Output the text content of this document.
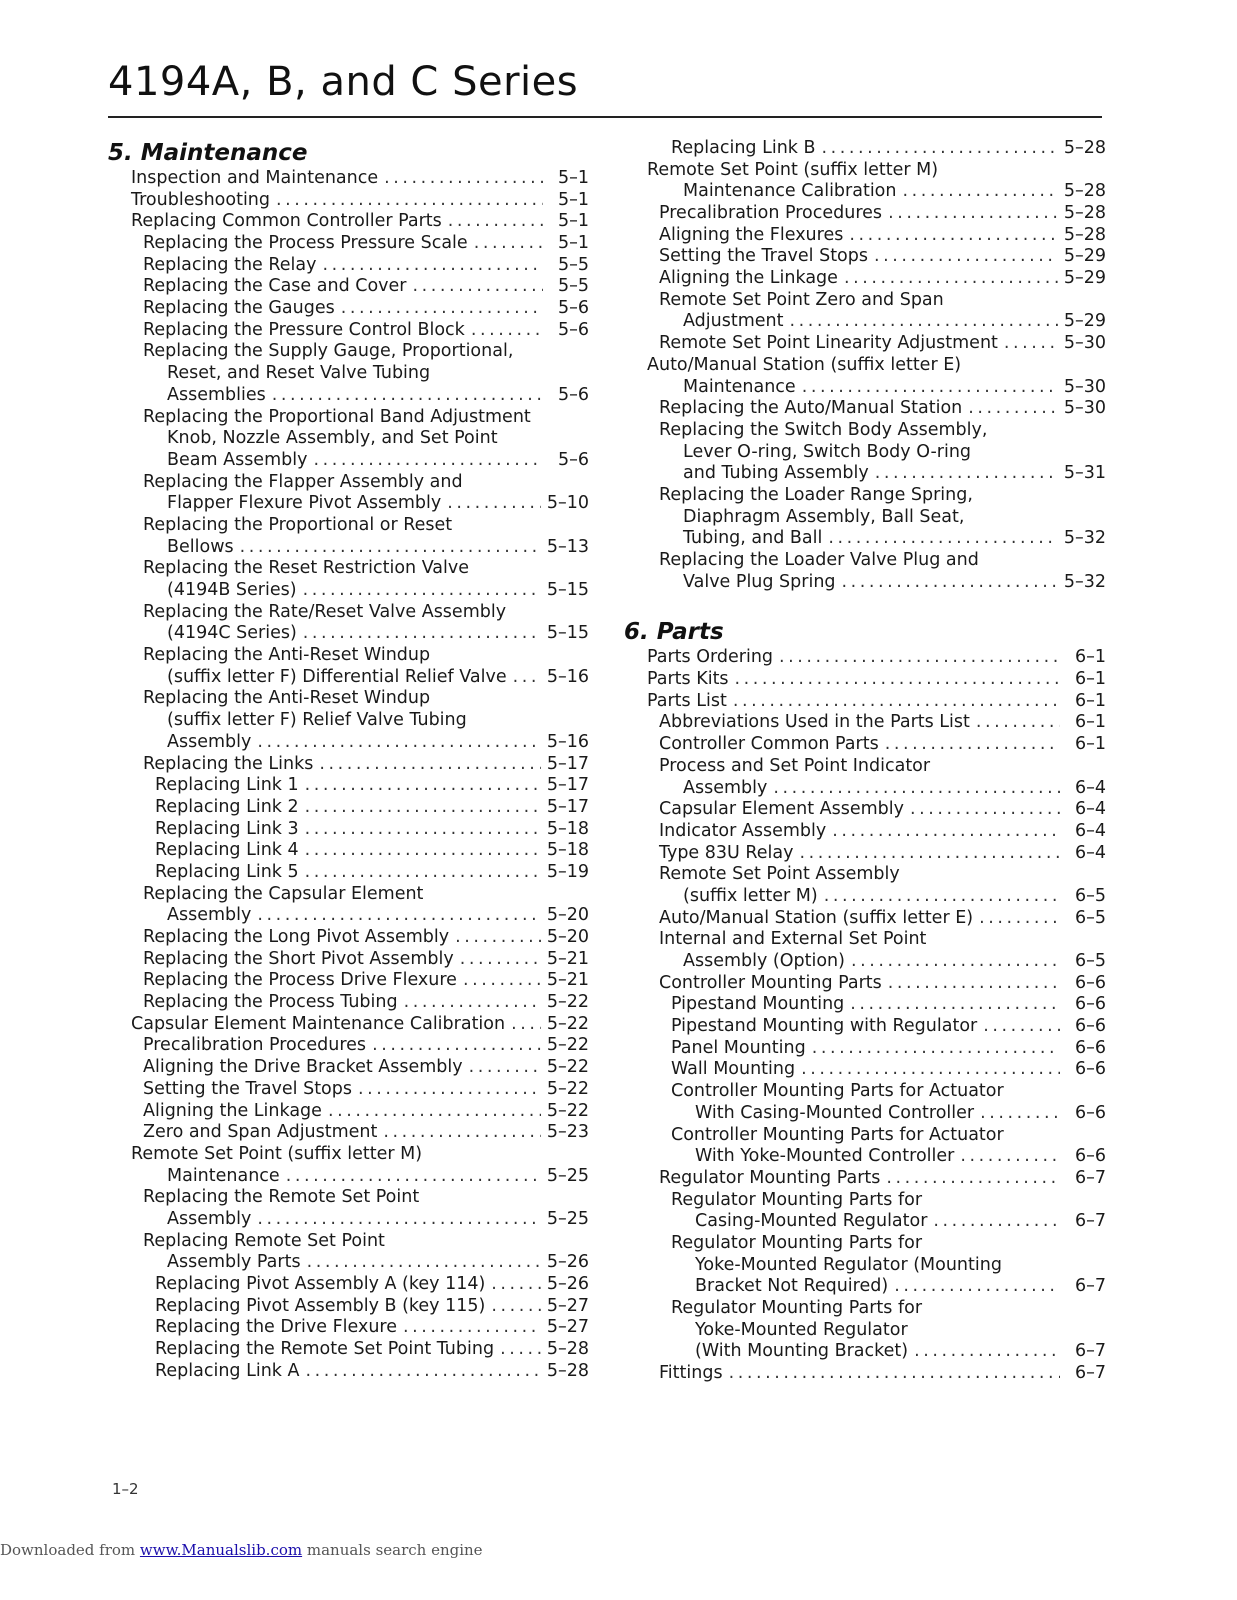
4194A, B, and C Series
5. Maintenance
Inspection and Maintenance . . .	5–1
Troubleshooting . . .	5–1
Replacing Common Controller Parts . . .	5–1
Replacing the Process Pressure Scale . . .	5–1
Replacing the Relay . . .	5–5
Replacing the Case and Cover . . .	5–5
Replacing the Gauges . . .	5–6
Replacing the Pressure Control Block . . .	5–6
Replacing the Supply Gauge, Proportional,
Reset, and Reset Valve Tubing
Assemblies . . .	5–6
Replacing the Proportional Band Adjustment
Knob, Nozzle Assembly, and Set Point
Beam Assembly . . .	5–6
Replacing the Flapper Assembly and
Flapper Flexure Pivot Assembly . . .	5–10
Replacing the Proportional or Reset
Bellows . . .	5–13
Replacing the Reset Restriction Valve
(4194B Series) . . .	5–15
Replacing the Rate/Reset Valve Assembly
(4194C Series) . . .	5–15
Replacing the Anti-Reset Windup
(suffix letter F) Differential Relief Valve . . . 5–16
Replacing the Anti-Reset Windup
(suffix letter F) Relief Valve Tubing
Assembly . . .	5–16
Replacing the Links . . .	5–17
Replacing Link 1 . . .	5–17
Replacing Link 2 . . .	5–17
Replacing Link 3 . . .	5–18
Replacing Link 4 . . .	5–18
Replacing Link 5 . . .	5–19
Replacing the Capsular Element
Assembly . . .	5–20
Replacing the Long Pivot Assembly . . .	5–20
Replacing the Short Pivot Assembly . . .	5–21
Replacing the Process Drive Flexure . . .	5–21
Replacing the Process Tubing . . .	5–22
Capsular Element Maintenance Calibration . . . 5–22
Precalibration Procedures . . .	5–22
Aligning the Drive Bracket Assembly . . .	5–22
Setting the Travel Stops . . .	5–22
Aligning the Linkage . . .	5–22
Zero and Span Adjustment . . .	5–23
Remote Set Point (suffix letter M)
Maintenance . . .	5–25
Replacing the Remote Set Point
Assembly . . .	5–25
Replacing Remote Set Point
Assembly Parts . . .	5–26
Replacing Pivot Assembly A (key 114) . . .	5–26
Replacing Pivot Assembly B (key 115) . . .	5–27
Replacing the Drive Flexure . . .	5–27
Replacing the Remote Set Point Tubing . . .	5–28
Replacing Link A . . .	5–28
Replacing Link B . . .	5–28
Remote Set Point (suffix letter M)
Maintenance Calibration . . .	5–28
Precalibration Procedures . . .	5–28
Aligning the Flexures . . .	5–28
Setting the Travel Stops . . .	5–29
Aligning the Linkage . . .	5–29
Remote Set Point Zero and Span
Adjustment . . .	5–29
Remote Set Point Linearity Adjustment . . .	5–30
Auto/Manual Station (suffix letter E)
Maintenance . . .	5–30
Replacing the Auto/Manual Station . . .	5–30
Replacing the Switch Body Assembly,
Lever O-ring, Switch Body O-ring
and Tubing Assembly . . .	5–31
Replacing the Loader Range Spring,
Diaphragm Assembly, Ball Seat,
Tubing, and Ball . . .	5–32
Replacing the Loader Valve Plug and
Valve Plug Spring . . .	5–32
6. Parts
Parts Ordering . . .	6–1
Parts Kits . . .	6–1
Parts List . . .	6–1
Abbreviations Used in the Parts List . . .	6–1
Controller Common Parts . . .	6–1
Process and Set Point Indicator
Assembly . . .	6–4
Capsular Element Assembly . . .	6–4
Indicator Assembly . . .	6–4
Type 83U Relay . . .	6–4
Remote Set Point Assembly
(suffix letter M) . . .	6–5
Auto/Manual Station (suffix letter E) . . .	6–5
Internal and External Set Point
Assembly (Option) . . .	6–5
Controller Mounting Parts . . .	6–6
Pipestand Mounting . . .	6–6
Pipestand Mounting with Regulator . . .	6–6
Panel Mounting . . .	6–6
Wall Mounting . . .	6–6
Controller Mounting Parts for Actuator
With Casing-Mounted Controller . . .	6–6
Controller Mounting Parts for Actuator
With Yoke-Mounted Controller . . .	6–6
Regulator Mounting Parts . . .	6–7
Regulator Mounting Parts for
Casing-Mounted Regulator . . .	6–7
Regulator Mounting Parts for
Yoke-Mounted Regulator (Mounting
Bracket Not Required) . . .	6–7
Regulator Mounting Parts for
Yoke-Mounted Regulator
(With Mounting Bracket) . . .	6–7
Fittings . . .	6–7
1–2
Downloaded from www.Manualslib.com manuals search engine
